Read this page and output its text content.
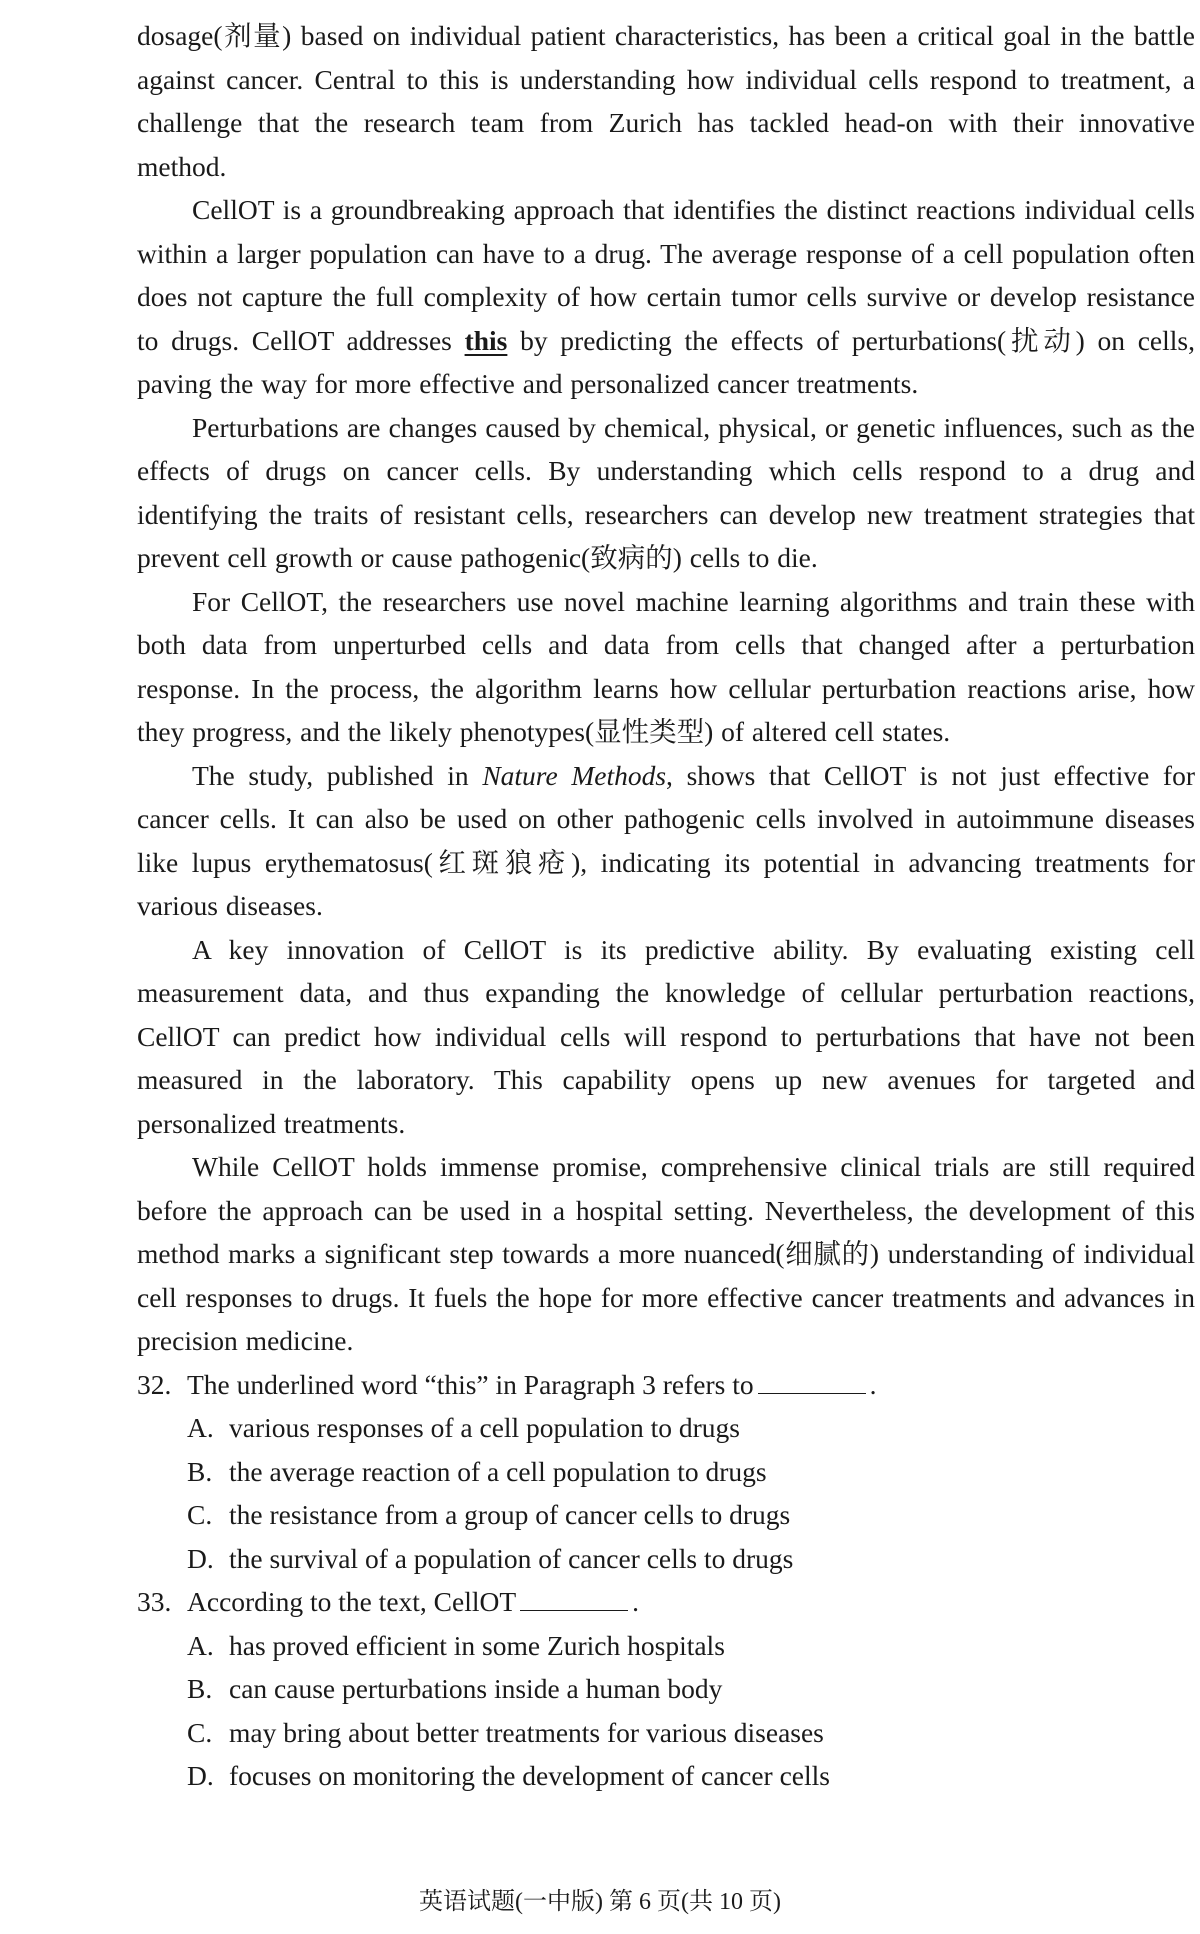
dosage(剂量) based on individual patient characteristics, has been a critical goal in the battle against cancer. Central to this is understanding how individual cells respond to treatment, a challenge that the research team from Zurich has tackled head-on with their innovative method.

CellOT is a groundbreaking approach that identifies the distinct reactions individual cells within a larger population can have to a drug. The average response of a cell population often does not capture the full complexity of how certain tumor cells survive or develop resistance to drugs. CellOT addresses this by predicting the effects of perturbations(扰动) on cells, paving the way for more effective and personalized cancer treatments.

Perturbations are changes caused by chemical, physical, or genetic influences, such as the effects of drugs on cancer cells. By understanding which cells respond to a drug and identifying the traits of resistant cells, researchers can develop new treatment strategies that prevent cell growth or cause pathogenic(致病的) cells to die.

For CellOT, the researchers use novel machine learning algorithms and train these with both data from unperturbed cells and data from cells that changed after a perturbation response. In the process, the algorithm learns how cellular perturbation reactions arise, how they progress, and the likely phenotypes(显性类型) of altered cell states.

The study, published in Nature Methods, shows that CellOT is not just effective for cancer cells. It can also be used on other pathogenic cells involved in autoimmune diseases like lupus erythematosus(红斑狼疮), indicating its potential in advancing treatments for various diseases.

A key innovation of CellOT is its predictive ability. By evaluating existing cell measurement data, and thus expanding the knowledge of cellular perturbation reactions, CellOT can predict how individual cells will respond to perturbations that have not been measured in the laboratory. This capability opens up new avenues for targeted and personalized treatments.

While CellOT holds immense promise, comprehensive clinical trials are still required before the approach can be used in a hospital setting. Nevertheless, the development of this method marks a significant step towards a more nuanced(细腻的) understanding of individual cell responses to drugs. It fuels the hope for more effective cancer treatments and advances in precision medicine.

32. The underlined word “this” in Paragraph 3 refers to	.

A. various responses of a cell population to drugs

B. the average reaction of a cell population to drugs

C. the resistance from a group of cancer cells to drugs

D. the survival of a population of cancer cells to drugs

33. According to the text, CellOT	.

A. has proved efficient in some Zurich hospitals

B. can cause perturbations inside a human body

C. may bring about better treatments for various diseases

D. focuses on monitoring the development of cancer cells

英语试题(一中版) 第 6 页(共 10 页)
